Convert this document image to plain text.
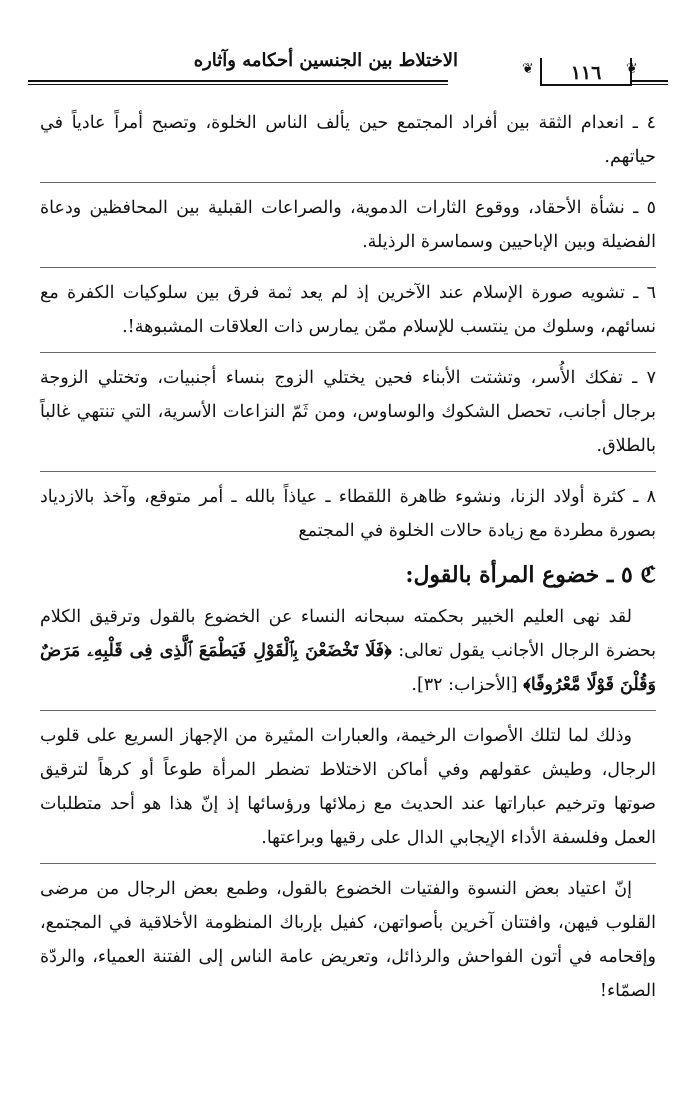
الاختلاط بين الجنسين أحكامه وآثاره	❦	١١٦	❦

٤ ـ انعدام الثقة بين أفراد المجتمع حين يألف الناس الخلوة، وتصبح أمراً عادياً في حياتهم.

٥ ـ نشأة الأحقاد، ووقوع الثارات الدموية، والصراعات القبلية بين المحافظين ودعاة الفضيلة وبين الإباحيين وسماسرة الرذيلة.

٦ ـ تشويه صورة الإسلام عند الآخرين إذ لم يعد ثمة فرق بين سلوكيات الكفرة مع نسائهم، وسلوك من ينتسب للإسلام ممّن يمارس ذات العلاقات المشبوهة!.

٧ ـ تفكك الأُسر، وتشتت الأبناء فحين يختلي الزوج بنساء أجنبيات، وتختلي الزوجة برجال أجانب، تحصل الشكوك والوساوس، ومن ثَمّ النزاعات الأسرية، التي تنتهي غالباً بالطلاق.

٨ ـ كثرة أولاد الزنا، ونشوء ظاهرة اللقطاء ـ عياذاً بالله ـ أمر متوقع، وآخذ بالازدياد بصورة مطردة مع زيادة حالات الخلوة في المجتمع

ℭ ٥ ـ خضوع المرأة بالقول:

لقد نهى العليم الخبير بحكمته سبحانه النساء عن الخضوع بالقول وترقيق الكلام بحضرة الرجال الأجانب يقول تعالى: ﴿فَلَا تَخْضَعْنَ بِٱلْقَوْلِ فَيَطْمَعَ ٱلَّذِى فِى قَلْبِهِۦ مَرَضٌ وَقُلْنَ قَوْلًا مَّعْرُوفًا﴾ [الأحزاب: ٣٢].

وذلك لما لتلك الأصوات الرخيمة، والعبارات المثيرة من الإجهاز السريع على قلوب الرجال، وطيش عقولهم وفي أماكن الاختلاط تضطر المرأة طوعاً أو كرهاً لترقيق صوتها وترخيم عباراتها عند الحديث مع زملائها ورؤسائها إذ إنّ هذا هو أحد متطلبات العمل وفلسفة الأداء الإيجابي الدال على رقيها وبراعتها.

إنّ اعتياد بعض النسوة والفتيات الخضوع بالقول، وطمع بعض الرجال من مرضى القلوب فيهن، وافتتان آخرين بأصواتهن، كفيل بإرباك المنظومة الأخلاقية في المجتمع، وإقحامه في أتون الفواحش والرذائل، وتعريض عامة الناس إلى الفتنة العمياء، والردّة الصمّاء!
